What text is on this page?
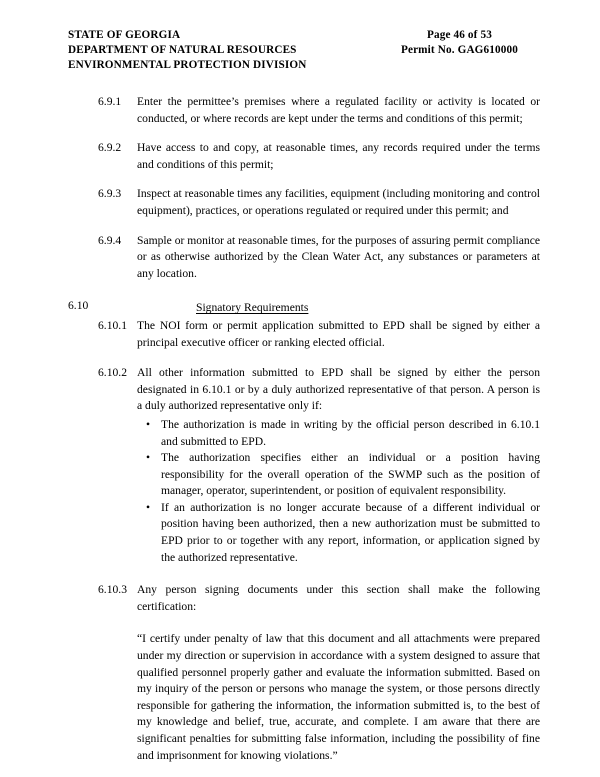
STATE OF GEORGIA
DEPARTMENT OF NATURAL RESOURCES
ENVIRONMENTAL PROTECTION DIVISION
Page 46 of 53
Permit No. GAG610000
6.9.1 Enter the permittee’s premises where a regulated facility or activity is located or conducted, or where records are kept under the terms and conditions of this permit;
6.9.2 Have access to and copy, at reasonable times, any records required under the terms and conditions of this permit;
6.9.3 Inspect at reasonable times any facilities, equipment (including monitoring and control equipment), practices, or operations regulated or required under this permit; and
6.9.4 Sample or monitor at reasonable times, for the purposes of assuring permit compliance or as otherwise authorized by the Clean Water Act, any substances or parameters at any location.
6.10	Signatory Requirements
6.10.1 The NOI form or permit application submitted to EPD shall be signed by either a principal executive officer or ranking elected official.
6.10.2 All other information submitted to EPD shall be signed by either the person designated in 6.10.1 or by a duly authorized representative of that person. A person is a duly authorized representative only if:
• The authorization is made in writing by the official person described in 6.10.1 and submitted to EPD.
• The authorization specifies either an individual or a position having responsibility for the overall operation of the SWMP such as the position of manager, operator, superintendent, or position of equivalent responsibility.
• If an authorization is no longer accurate because of a different individual or position having been authorized, then a new authorization must be submitted to EPD prior to or together with any report, information, or application signed by the authorized representative.
6.10.3 Any person signing documents under this section shall make the following certification:
“I certify under penalty of law that this document and all attachments were prepared under my direction or supervision in accordance with a system designed to assure that qualified personnel properly gather and evaluate the information submitted. Based on my inquiry of the person or persons who manage the system, or those persons directly responsible for gathering the information, the information submitted is, to the best of my knowledge and belief, true, accurate, and complete. I am aware that there are significant penalties for submitting false information, including the possibility of fine and imprisonment for knowing violations.”
